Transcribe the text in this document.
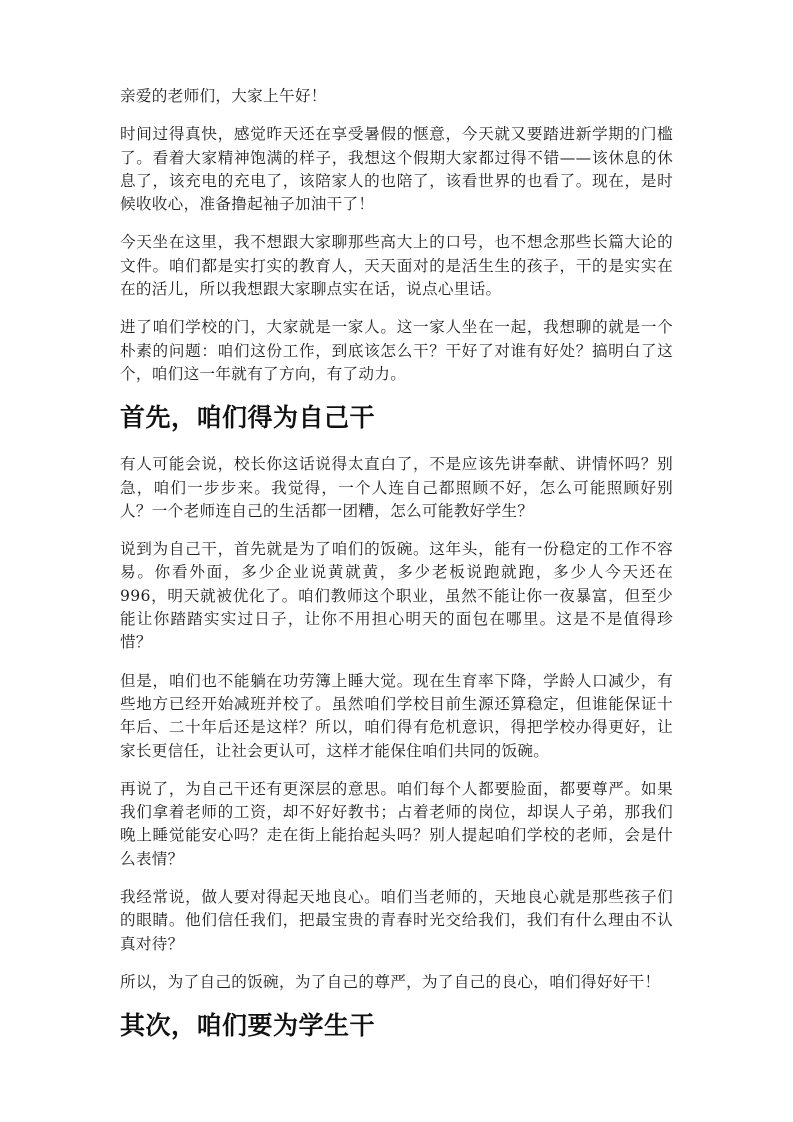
亲爱的老师们，大家上午好！

时间过得真快，感觉昨天还在享受暑假的惬意，今天就又要踏进新学期的门槛了。看着大家精神饱满的样子，我想这个假期大家都过得不错——该休息的休息了，该充电的充电了，该陪家人的也陪了，该看世界的也看了。现在，是时候收收心，准备撸起袖子加油干了！

今天坐在这里，我不想跟大家聊那些高大上的口号，也不想念那些长篇大论的文件。咱们都是实打实的教育人，天天面对的是活生生的孩子，干的是实实在在的活儿，所以我想跟大家聊点实在话，说点心里话。

进了咱们学校的门，大家就是一家人。这一家人坐在一起，我想聊的就是一个朴素的问题：咱们这份工作，到底该怎么干？干好了对谁有好处？搞明白了这个，咱们这一年就有了方向，有了动力。

首先，咱们得为自己干

有人可能会说，校长你这话说得太直白了，不是应该先讲奉献、讲情怀吗？别急，咱们一步步来。我觉得，一个人连自己都照顾不好，怎么可能照顾好别人？一个老师连自己的生活都一团糟，怎么可能教好学生？

说到为自己干，首先就是为了咱们的饭碗。这年头，能有一份稳定的工作不容易。你看外面，多少企业说黄就黄，多少老板说跑就跑，多少人今天还在 996，明天就被优化了。咱们教师这个职业，虽然不能让你一夜暴富，但至少能让你踏踏实实过日子，让你不用担心明天的面包在哪里。这是不是值得珍惜？

但是，咱们也不能躺在功劳簿上睡大觉。现在生育率下降，学龄人口减少，有些地方已经开始减班并校了。虽然咱们学校目前生源还算稳定，但谁能保证十年后、二十年后还是这样？所以，咱们得有危机意识，得把学校办得更好，让家长更信任，让社会更认可，这样才能保住咱们共同的饭碗。

再说了，为自己干还有更深层的意思。咱们每个人都要脸面，都要尊严。如果我们拿着老师的工资，却不好好教书；占着老师的岗位，却误人子弟，那我们晚上睡觉能安心吗？走在街上能抬起头吗？别人提起咱们学校的老师，会是什么表情？

我经常说，做人要对得起天地良心。咱们当老师的，天地良心就是那些孩子们的眼睛。他们信任我们，把最宝贵的青春时光交给我们，我们有什么理由不认真对待？

所以，为了自己的饭碗，为了自己的尊严，为了自己的良心，咱们得好好干！

其次，咱们要为学生干
